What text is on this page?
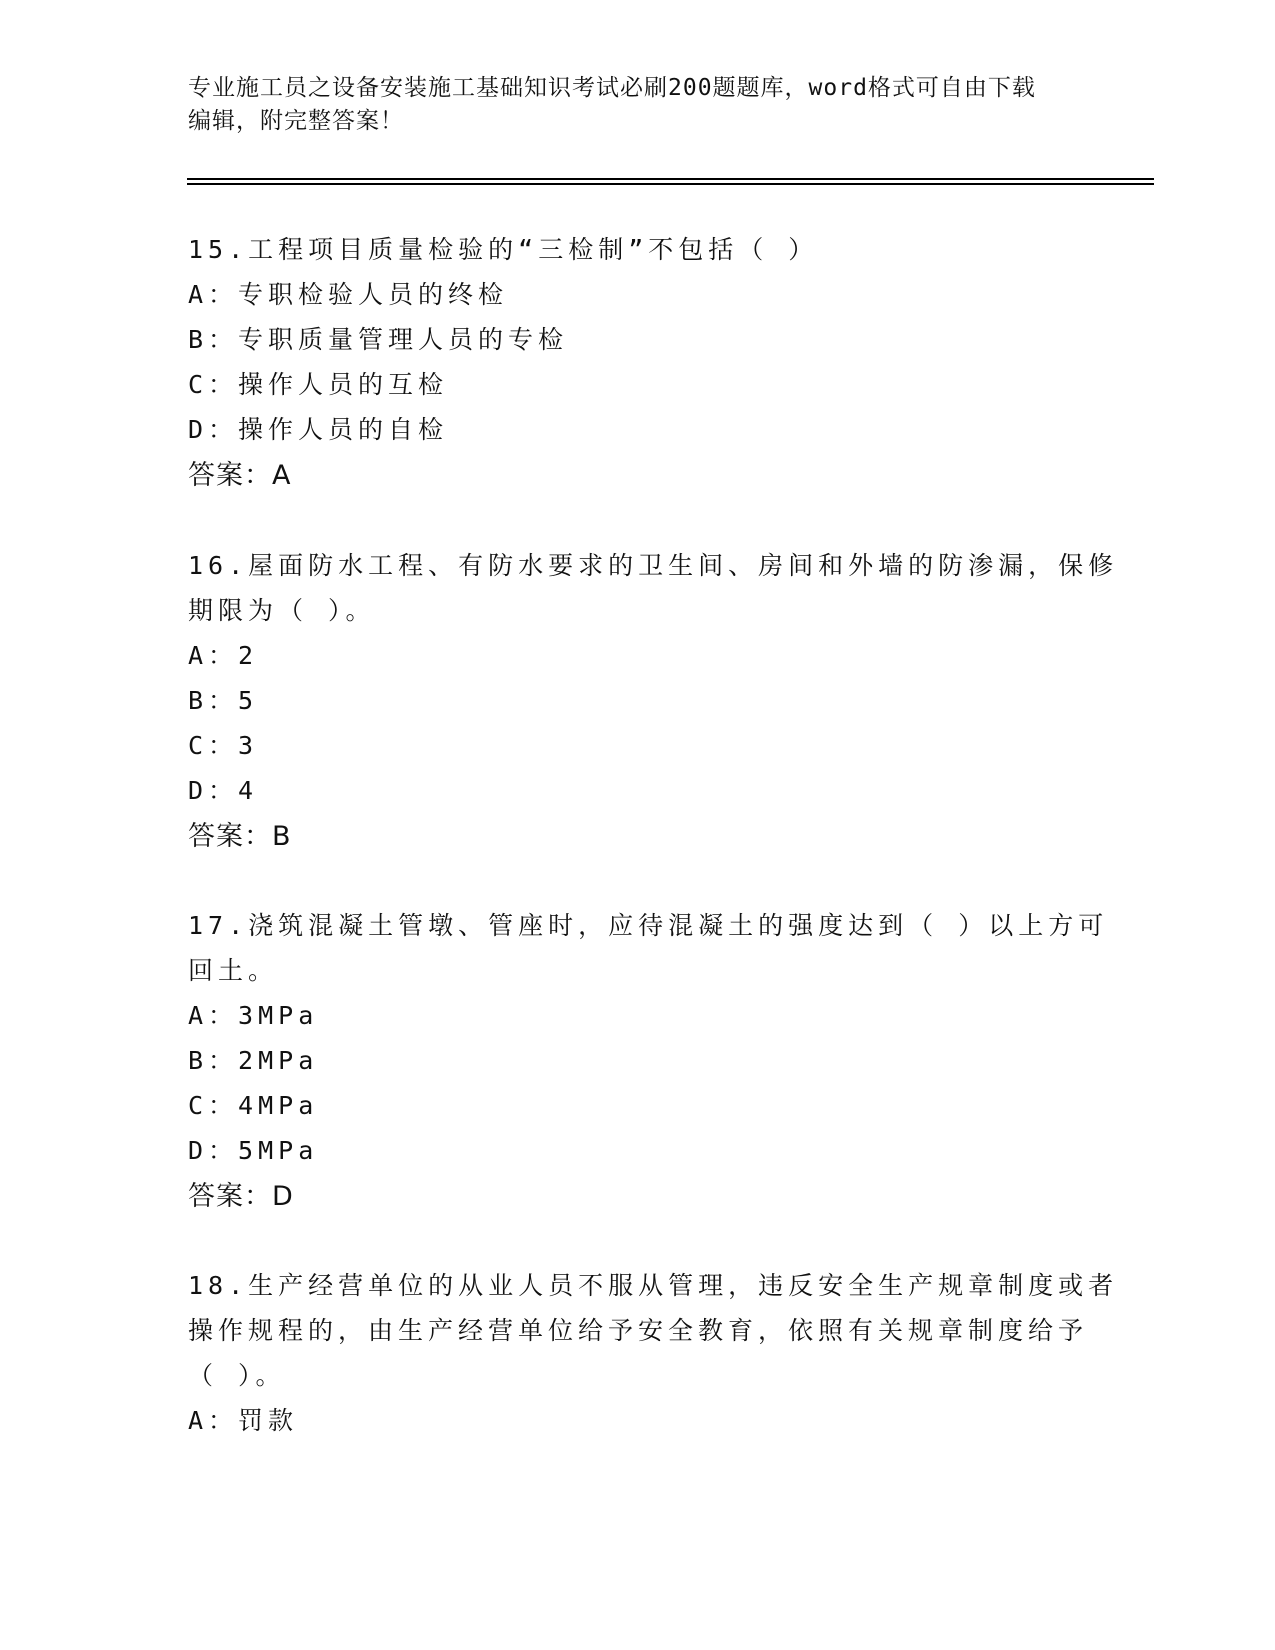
专业施工员之设备安装施工基础知识考试必刷200题题库，word格式可自由下载
编辑，附完整答案！
15.工程项目质量检验的“三检制”不包括（ ）
A：专职检验人员的终检
B：专职质量管理人员的专检
C：操作人员的互检
D：操作人员的自检
答案：A
16.屋面防水工程、有防水要求的卫生间、房间和外墙的防渗漏，保修
期限为（ ）。
A：2
B：5
C：3
D：4
答案：B
17.浇筑混凝土管墩、管座时，应待混凝土的强度达到（ ）以上方可
回土。
A：3MPa
B：2MPa
C：4MPa
D：5MPa
答案：D
18.生产经营单位的从业人员不服从管理，违反安全生产规章制度或者
操作规程的，由生产经营单位给予安全教育，依照有关规章制度给予
（ ）。
A：罚款
